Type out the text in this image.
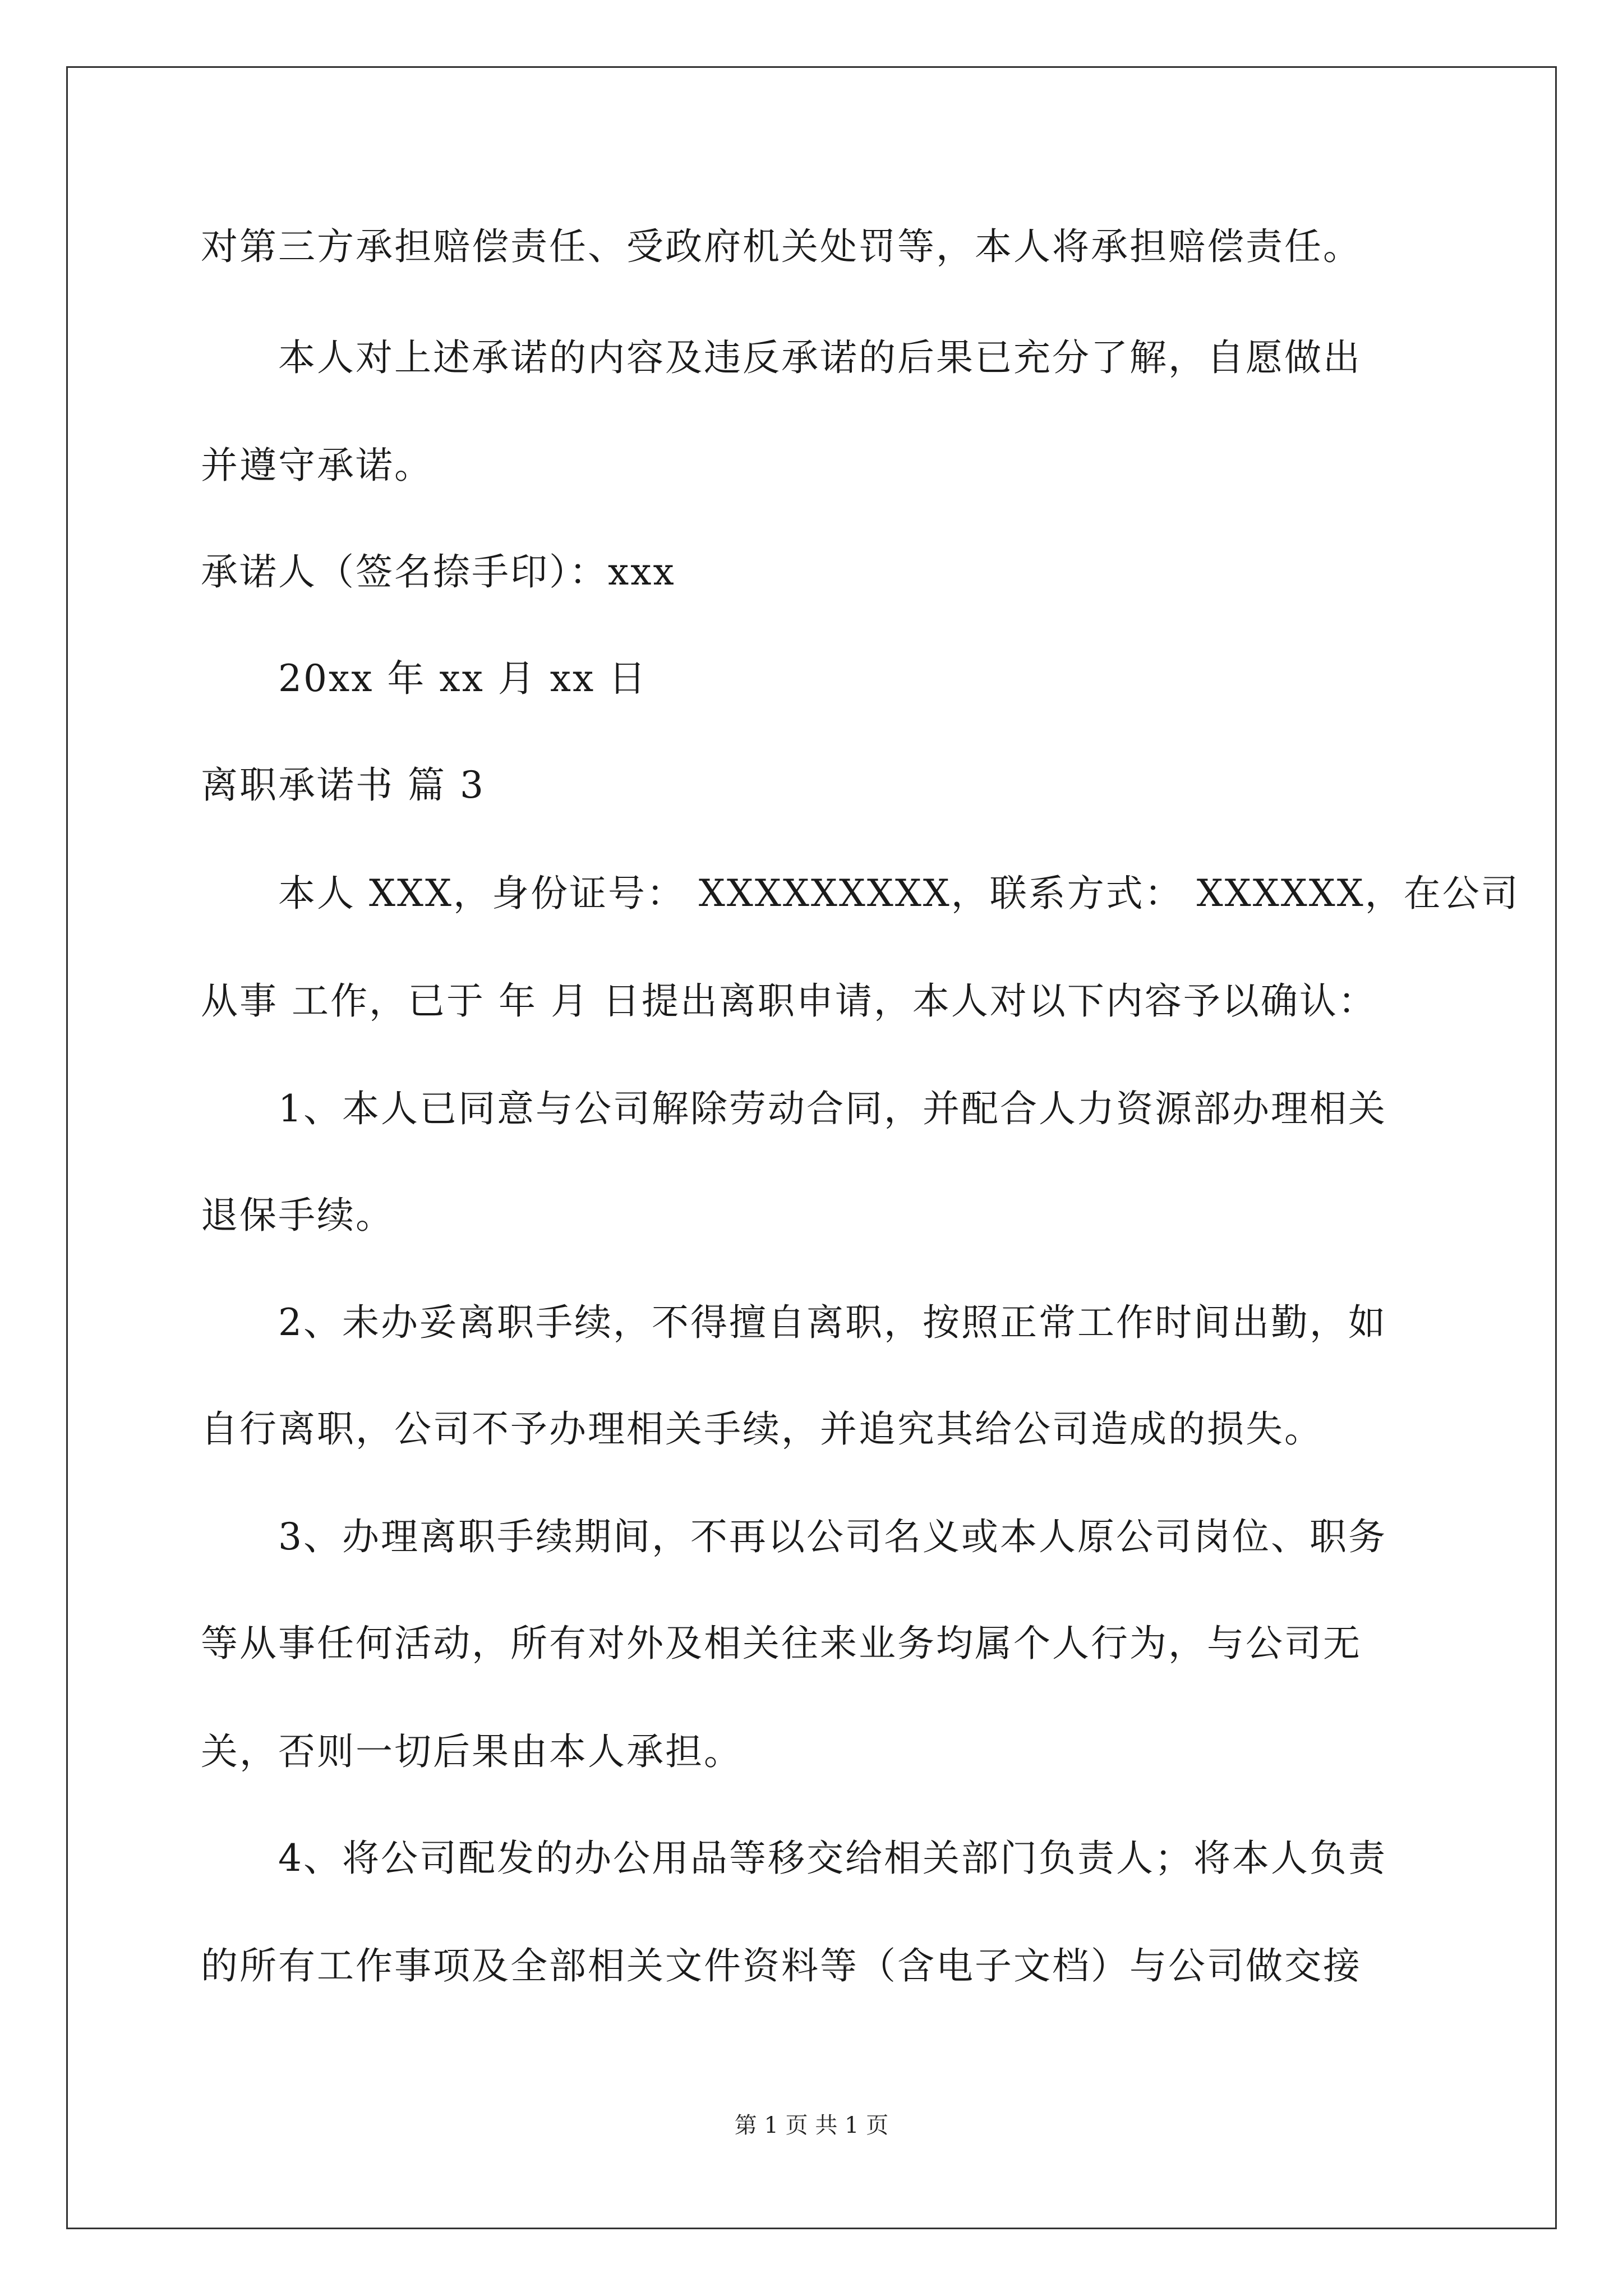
对第三方承担赔偿责任、受政府机关处罚等，本人将承担赔偿责任。
本人对上述承诺的内容及违反承诺的后果已充分了解，自愿做出
并遵守承诺。
承诺人（签名捺手印）：xxx
20xx 年 xx 月 xx 日
离职承诺书 篇 3
本人 XXX，身份证号： XXXXXXXXX，联系方式： XXXXXX，在公司
从事 工作，已于 年 月 日提出离职申请，本人对以下内容予以确认：
1、本人已同意与公司解除劳动合同，并配合人力资源部办理相关
退保手续。
2、未办妥离职手续，不得擅自离职，按照正常工作时间出勤，如
自行离职，公司不予办理相关手续，并追究其给公司造成的损失。
3、办理离职手续期间，不再以公司名义或本人原公司岗位、职务
等从事任何活动，所有对外及相关往来业务均属个人行为，与公司无
关，否则一切后果由本人承担。
4、将公司配发的办公用品等移交给相关部门负责人；将本人负责
的所有工作事项及全部相关文件资料等（含电子文档）与公司做交接
第 1 页 共 1 页
